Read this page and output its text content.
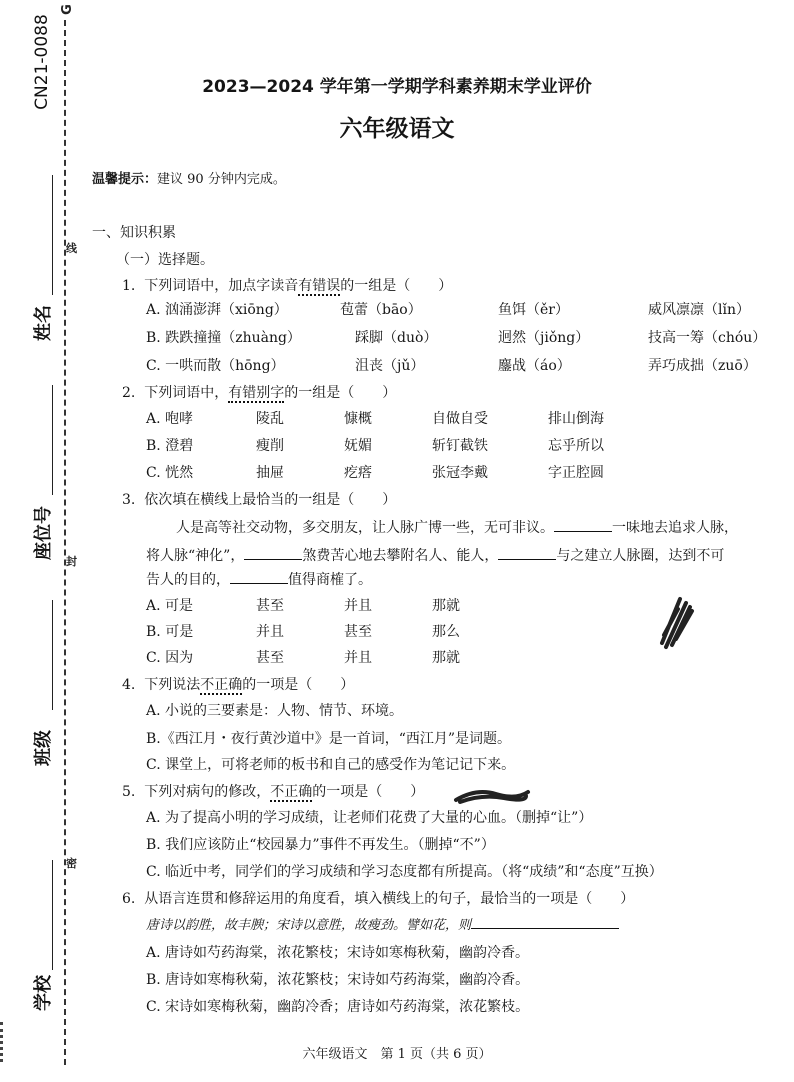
CN21-0088
G
线
封
密
姓名
座位号
班级
学校
2023—2024 学年第一学期学科素养期末学业评价
六年级语文
温馨提示：建议 90 分钟内完成。
一、知识积累
（一）选择题。
1. 下列词语中，加点字读音有错误的一组是（　　）
A. 汹涌澎湃（xiōng）	苞蕾（bāo）	鱼饵（ěr）	威风凛凛（lǐn）
B. 跌跌撞撞（zhuàng）	踩脚（duò）	迥然（jiǒng）	技高一筹（chóu）
C. 一哄而散（hōng）	沮丧（jǔ）	鏖战（áo）	弄巧成拙（zuō）
2. 下列词语中，有错别字的一组是（　　）
A. 咆哮	陵乱	慷概	自做自受	排山倒海
B. 澄碧	瘦削	妩媚	斩钉截铁	忘乎所以
C. 恍然	抽屉	疙瘩	张冠李戴	字正腔圆
3. 依次填在横线上最恰当的一组是（　　）
人是高等社交动物，多交朋友，让人脉广博一些，无可非议。	一味地去追求人脉，
将人脉“神化”，	煞费苦心地去攀附名人、能人，	与之建立人脉圈，达到不可
告人的目的，	值得商榷了。
A. 可是	甚至	并且	那就
B. 可是	并且	甚至	那么
C. 因为	甚至	并且	那就
4. 下列说法不正确的一项是（　　）
A. 小说的三要素是：人物、情节、环境。
B.《西江月・夜行黄沙道中》是一首词，“西江月”是词题。
C. 课堂上，可将老师的板书和自己的感受作为笔记记下来。
5. 下列对病句的修改，不正确的一项是（　　）
A. 为了提高小明的学习成绩，让老师们花费了大量的心血。（删掉“让”）
B. 我们应该防止“校园暴力”事件不再发生。（删掉“不”）
C. 临近中考，同学们的学习成绩和学习态度都有所提高。（将“成绩”和“态度”互换）
6. 从语言连贯和修辞运用的角度看，填入横线上的句子，最恰当的一项是（　　）
唐诗以韵胜，故丰腴；宋诗以意胜，故瘦劲。譬如花，则
A. 唐诗如芍药海棠，浓花繁枝；宋诗如寒梅秋菊，幽韵冷香。
B. 唐诗如寒梅秋菊，浓花繁枝；宋诗如芍药海棠，幽韵冷香。
C. 宋诗如寒梅秋菊，幽韵冷香；唐诗如芍药海棠，浓花繁枝。
六年级语文　第 1 页（共 6 页）
